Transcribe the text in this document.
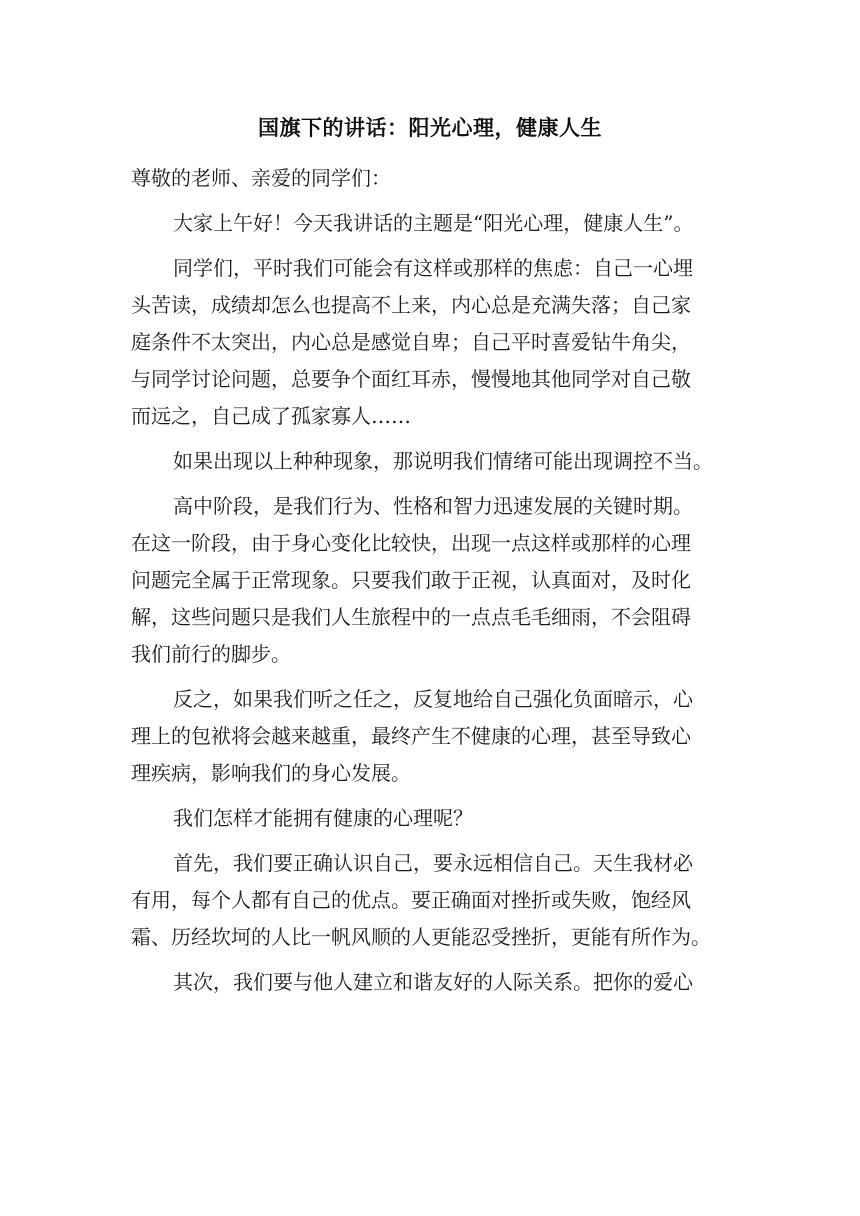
国旗下的讲话：阳光心理，健康人生

尊敬的老师、亲爱的同学们：

大家上午好！今天我讲话的主题是“阳光心理，健康人生”。

同学们，平时我们可能会有这样或那样的焦虑：自己一心埋
头苦读，成绩却怎么也提高不上来，内心总是充满失落；自己家
庭条件不太突出，内心总是感觉自卑；自己平时喜爱钻牛角尖，
与同学讨论问题，总要争个面红耳赤，慢慢地其他同学对自己敬
而远之，自己成了孤家寡人……

如果出现以上种种现象，那说明我们情绪可能出现调控不当。

高中阶段，是我们行为、性格和智力迅速发展的关键时期。
在这一阶段，由于身心变化比较快，出现一点这样或那样的心理
问题完全属于正常现象。只要我们敢于正视，认真面对，及时化
解，这些问题只是我们人生旅程中的一点点毛毛细雨，不会阻碍
我们前行的脚步。

反之，如果我们听之任之，反复地给自己强化负面暗示，心
理上的包袱将会越来越重，最终产生不健康的心理，甚至导致心
理疾病，影响我们的身心发展。

我们怎样才能拥有健康的心理呢？

首先，我们要正确认识自己，要永远相信自己。天生我材必
有用，每个人都有自己的优点。要正确面对挫折或失败，饱经风
霜、历经坎坷的人比一帆风顺的人更能忍受挫折，更能有所作为。

其次，我们要与他人建立和谐友好的人际关系。把你的爱心
